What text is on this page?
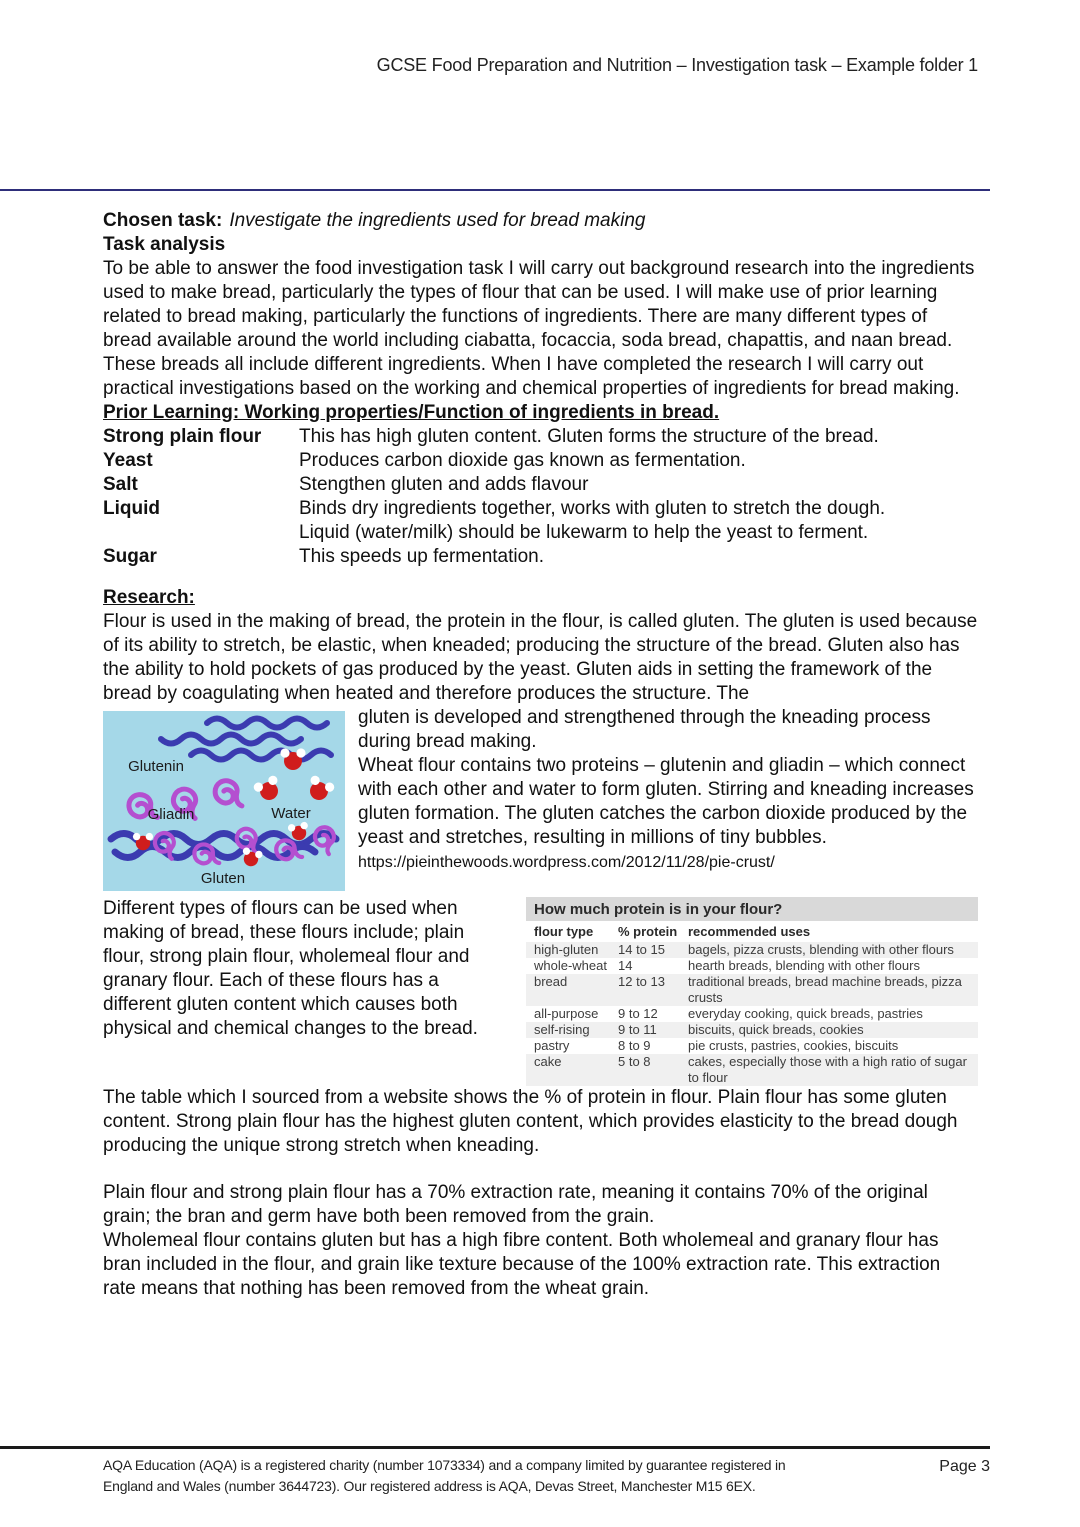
GCSE Food Preparation and Nutrition – Investigation task – Example folder 1

Chosen task: Investigate the ingredients used for bread making

Task analysis

To be able to answer the food investigation task I will carry out background research into the ingredients used to make bread, particularly the types of flour that can be used. I will make use of prior learning related to bread making, particularly the functions of ingredients. There are many different types of bread available around the world including ciabatta, focaccia, soda bread, chapattis, and naan bread. These breads all include different ingredients. When I have completed the research I will carry out practical investigations based on the working and chemical properties of ingredients for bread making.

Prior Learning: Working properties/Function of ingredients in bread.

Strong plain flour	This has high gluten content. Gluten forms the structure of the bread.
Yeast	Produces carbon dioxide gas known as fermentation.
Salt	Stengthen gluten and adds flavour
Liquid	Binds dry ingredients together, works with gluten to stretch the dough.
Liquid (water/milk) should be lukewarm to help the yeast to ferment.
Sugar	This speeds up fermentation.

Research:

Flour is used in the making of bread, the protein in the flour, is called gluten. The gluten is used because of its ability to stretch, be elastic, when kneaded; producing the structure of the bread. Gluten also has the ability to hold pockets of gas produced by the yeast. Gluten aids in setting the framework of the bread by coagulating when heated and therefore produces the structure. The

Glutenin
Gliadin	Water
Gluten

gluten is developed and strengthened through the kneading process during bread making.

Wheat flour contains two proteins – glutenin and gliadin – which connect with each other and water to form gluten. Stirring and kneading increases gluten formation. The gluten catches the carbon dioxide produced by the yeast and stretches, resulting in millions of tiny bubbles.

https://pieinthewoods.wordpress.com/2012/11/28/pie-crust/

How much protein is in your flour?
flour type	% protein recommended uses
high-gluten	14 to 15	bagels, pizza crusts, blending with other flours
whole-wheat 14	hearth breads, blending with other flours
bread	12 to 13	traditional breads, bread machine breads, pizza crusts
all-purpose	9 to 12	everyday cooking, quick breads, pastries
self-rising	9 to 11	biscuits, quick breads, cookies
pastry	8 to 9	pie crusts, pastries, cookies, biscuits
cake	5 to 8	cakes, especially those with a high ratio of sugar to flour

Different types of flours can be used when making of bread, these flours include; plain flour, strong plain flour, wholemeal flour and granary flour. Each of these flours has a different gluten content which causes both physical and chemical changes to the bread.

The table which I sourced from a website shows the % of protein in flour. Plain flour has some gluten content. Strong plain flour has the highest gluten content, which provides elasticity to the bread dough producing the unique strong stretch when kneading.

Plain flour and strong plain flour has a 70% extraction rate, meaning it contains 70% of the original grain; the bran and germ have both been removed from the grain.

Wholemeal flour contains gluten but has a high fibre content. Both wholemeal and granary flour has bran included in the flour, and grain like texture because of the 100% extraction rate. This extraction rate means that nothing has been removed from the wheat grain.

AQA Education (AQA) is a registered charity (number 1073334) and a company limited by guarantee registered in
England and Wales (number 3644723). Our registered address is AQA, Devas Street, Manchester M15 6EX.
Page 3
